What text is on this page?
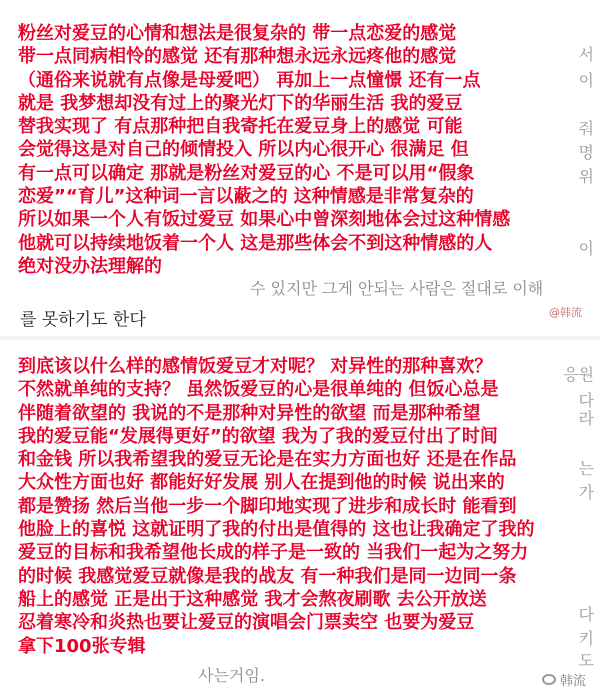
서
이
줘
명
위
이
粉丝对爱豆的心情和想法是很复杂的 带一点恋爱的感觉
带一点同病相怜的感觉 还有那种想永远永远疼他的感觉
（通俗来说就有点像是母爱吧） 再加上一点憧憬 还有一点
就是 我梦想却没有过上的聚光灯下的华丽生活 我的爱豆
替我实现了 有点那种把自我寄托在爱豆身上的感觉 可能
会觉得这是对自己的倾情投入 所以内心很开心 很满足 但
有一点可以确定 那就是粉丝对爱豆的心 不是可以用“假象
恋爱”“育儿”这种词一言以蔽之的 这种情感是非常复杂的
所以如果一个人有饭过爱豆 如果心中曾深刻地体会过这种情感
他就可以持续地饭着一个人 这是那些体会不到这种情感的人
绝对没办法理解的
수 있지만 그게 안되는 사람은 절대로 이해
를 못하기도 한다	@韩流
응원
다
라
는
가
다
키
도
到底该以什么样的感情饭爱豆才对呢？ 对异性的那种喜欢？
不然就单纯的支持？ 虽然饭爱豆的心是很单纯的 但饭心总是
伴随着欲望的 我说的不是那种对异性的欲望 而是那种希望
我的爱豆能“发展得更好”的欲望 我为了我的爱豆付出了时间
和金钱 所以我希望我的爱豆无论是在实力方面也好 还是在作品
大众性方面也好 都能好好发展 别人在提到他的时候 说出来的
都是赞扬 然后当他一步一个脚印地实现了进步和成长时 能看到
他脸上的喜悦 这就证明了我的付出是值得的 这也让我确定了我的
爱豆的目标和我希望他长成的样子是一致的 当我们一起为之努力
的时候 我感觉爱豆就像是我的战友 有一种我们是同一边同一条
船上的感觉 正是出于这种感觉 我才会熬夜刷歌 去公开放送
忍着寒冷和炎热也要让爱豆的演唱会门票卖空 也要为爱豆
拿下100张专辑
사는거임.	韩流
